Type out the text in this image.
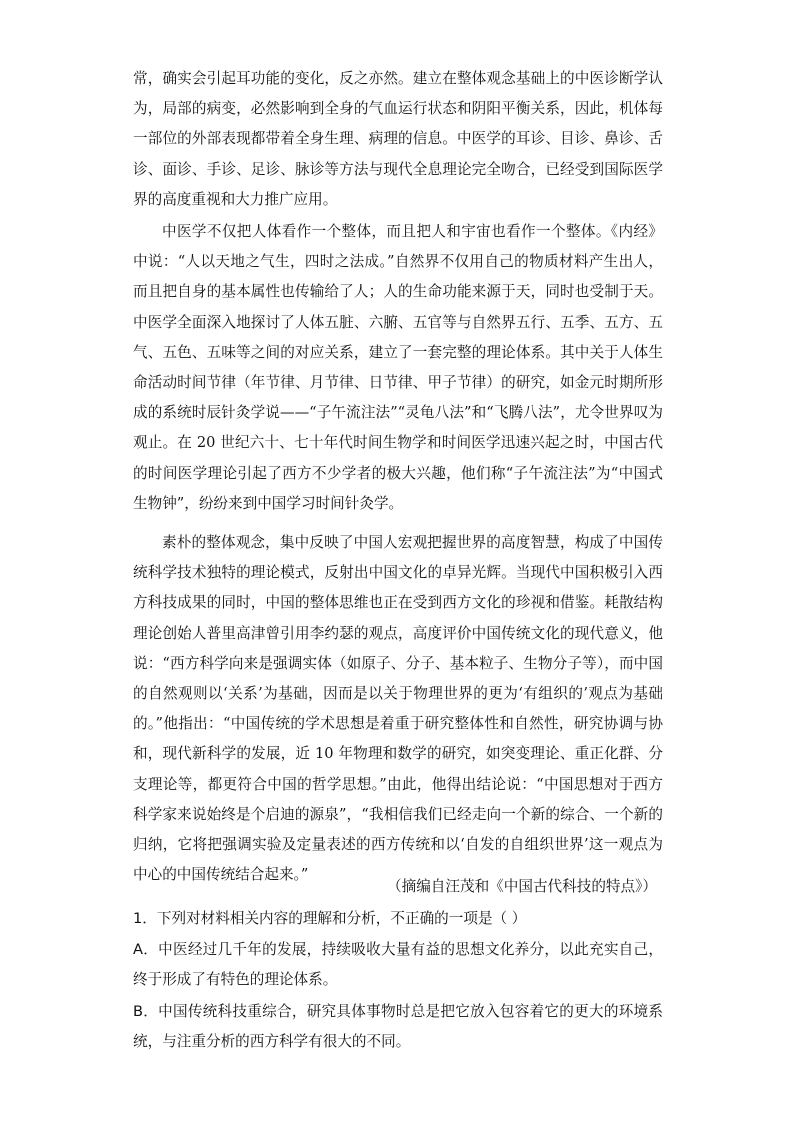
常，确实会引起耳功能的变化，反之亦然。建立在整体观念基础上的中医诊断学认为，局部的病变，必然影响到全身的气血运行状态和阴阳平衡关系，因此，机体每一部位的外部表现都带着全身生理、病理的信息。中医学的耳诊、目诊、鼻诊、舌诊、面诊、手诊、足诊、脉诊等方法与现代全息理论完全吻合，已经受到国际医学界的高度重视和大力推广应用。

中医学不仅把人体看作一个整体，而且把人和宇宙也看作一个整体。《内经》中说：“人以天地之气生，四时之法成。”自然界不仅用自己的物质材料产生出人，而且把自身的基本属性也传输给了人；人的生命功能来源于天，同时也受制于天。中医学全面深入地探讨了人体五脏、六腑、五官等与自然界五行、五季、五方、五气、五色、五味等之间的对应关系，建立了一套完整的理论体系。其中关于人体生命活动时间节律（年节律、月节律、日节律、甲子节律）的研究，如金元时期所形成的系统时辰针灸学说——“子午流注法”“灵龟八法”和“飞腾八法”，尤令世界叹为观止。在 20 世纪六十、七十年代时间生物学和时间医学迅速兴起之时，中国古代的时间医学理论引起了西方不少学者的极大兴趣，他们称“子午流注法”为“中国式生物钟”，纷纷来到中国学习时间针灸学。

素朴的整体观念，集中反映了中国人宏观把握世界的高度智慧，构成了中国传统科学技术独特的理论模式，反射出中国文化的卓异光辉。当现代中国积极引入西方科技成果的同时，中国的整体思维也正在受到西方文化的珍视和借鉴。耗散结构理论创始人普里高津曾引用李约瑟的观点，高度评价中国传统文化的现代意义，他说：“西方科学向来是强调实体（如原子、分子、基本粒子、生物分子等），而中国的自然观则以‘关系’为基础，因而是以关于物理世界的更为‘有组织的’观点为基础的。”他指出：“中国传统的学术思想是着重于研究整体性和自然性，研究协调与协和，现代新科学的发展，近 10 年物理和数学的研究，如突变理论、重正化群、分支理论等，都更符合中国的哲学思想。”由此，他得出结论说：“中国思想对于西方科学家来说始终是个启迪的源泉”，“我相信我们已经走向一个新的综合、一个新的归纳，它将把强调实验及定量表述的西方传统和以‘自发的自组织世界’这一观点为中心的中国传统结合起来。”

（摘编自汪茂和《中国古代科技的特点》）

1．下列对材料相关内容的理解和分析，不正确的一项是（ ）

A．中医经过几千年的发展，持续吸收大量有益的思想文化养分，以此充实自己，终于形成了有特色的理论体系。

B．中国传统科技重综合，研究具体事物时总是把它放入包容着它的更大的环境系统，与注重分析的西方科学有很大的不同。
